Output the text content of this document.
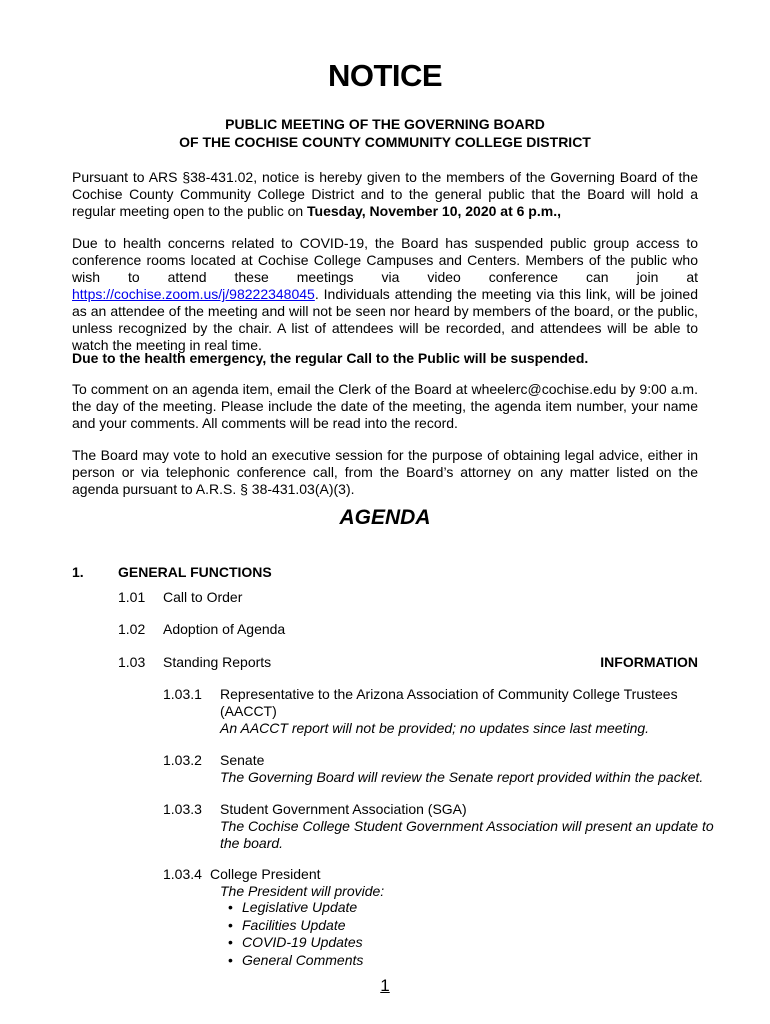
NOTICE
PUBLIC MEETING OF THE GOVERNING BOARD
OF THE COCHISE COUNTY COMMUNITY COLLEGE DISTRICT
Pursuant to ARS §38-431.02, notice is hereby given to the members of the Governing Board of the Cochise County Community College District and to the general public that the Board will hold a regular meeting open to the public on Tuesday, November 10, 2020 at 6 p.m.,
Due to health concerns related to COVID-19, the Board has suspended public group access to conference rooms located at Cochise College Campuses and Centers. Members of the public who wish to attend these meetings via video conference can join at https://cochise.zoom.us/j/98222348045. Individuals attending the meeting via this link, will be joined as an attendee of the meeting and will not be seen nor heard by members of the board, or the public, unless recognized by the chair. A list of attendees will be recorded, and attendees will be able to watch the meeting in real time.
Due to the health emergency, the regular Call to the Public will be suspended.
To comment on an agenda item, email the Clerk of the Board at wheelerc@cochise.edu by 9:00 a.m. the day of the meeting. Please include the date of the meeting, the agenda item number, your name and your comments. All comments will be read into the record.
The Board may vote to hold an executive session for the purpose of obtaining legal advice, either in person or via telephonic conference call, from the Board’s attorney on any matter listed on the agenda pursuant to A.R.S. § 38-431.03(A)(3).
AGENDA
1. GENERAL FUNCTIONS
1.01 Call to Order
1.02 Adoption of Agenda
1.03 Standing Reports	INFORMATION
1.03.1 Representative to the Arizona Association of Community College Trustees
(AACCT)
An AACCT report will not be provided; no updates since last meeting.
1.03.2 Senate
The Governing Board will review the Senate report provided within the packet.
1.03.3 Student Government Association (SGA)
The Cochise College Student Government Association will present an update to
the board.
1.03.4 College President
The President will provide:
• Legislative Update
• Facilities Update
• COVID-19 Updates
• General Comments
1
